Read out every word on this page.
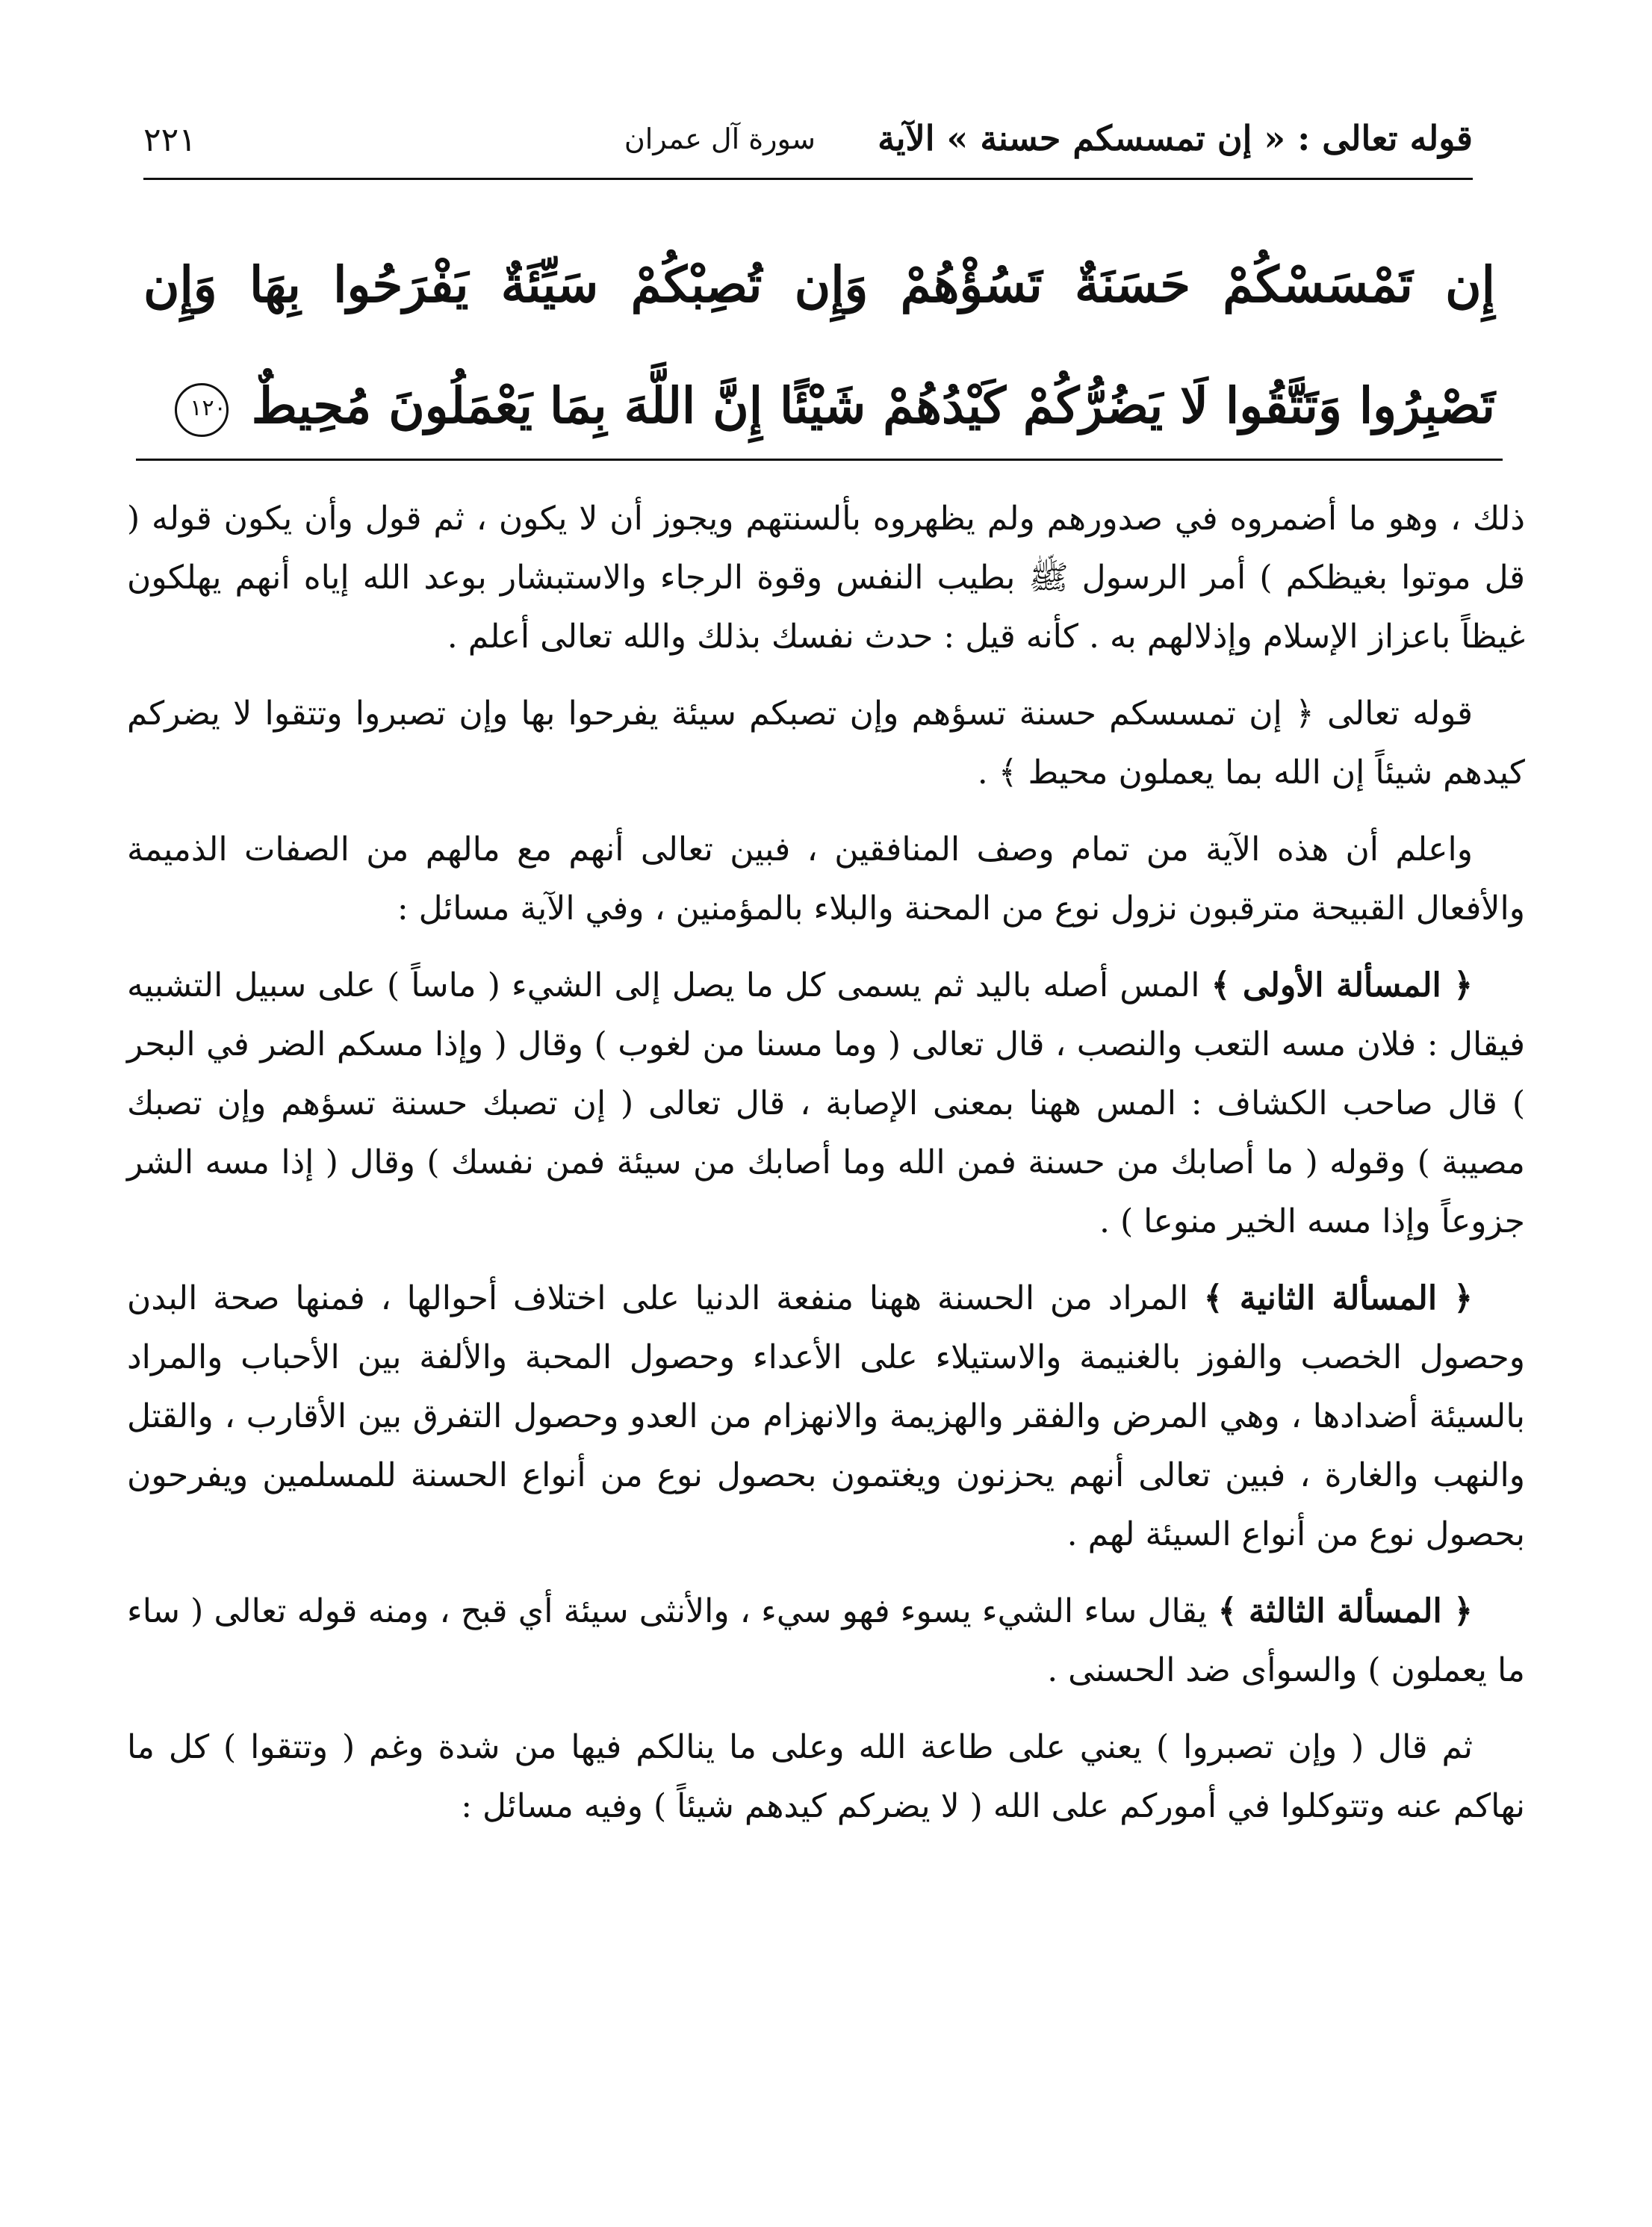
قوله تعالى : « إن تمسسكم حسنة » الآية
سورة آل عمران
٢٢١
إِن تَمْسَسْكُمْ حَسَنَةٌ تَسُؤْهُمْ وَإِن تُصِبْكُمْ سَيِّئَةٌ يَفْرَحُوا بِهَا وَإِن تَصْبِرُوا وَتَتَّقُوا لَا يَضُرُّكُمْ كَيْدُهُمْ شَيْئًا إِنَّ اللَّهَ بِمَا يَعْمَلُونَ مُحِيطٌ ١٢٠

ذلك ، وهو ما أضمروه في صدورهم ولم يظهروه بألسنتهم ويجوز أن لا يكون ، ثم قول وأن يكون قوله ( قل موتوا بغيظكم ) أمر الرسول ﷺ بطيب النفس وقوة الرجاء والاستبشار بوعد الله إياه أنهم يهلكون غيظاً باعزاز الإسلام وإذلالهم به . كأنه قيل : حدث نفسك بذلك والله تعالى أعلم .

قوله تعالى ﴿ إن تمسسكم حسنة تسؤهم وإن تصبكم سيئة يفرحوا بها وإن تصبروا وتتقوا لا يضركم كيدهم شيئاً إن الله بما يعملون محيط ﴾ .

واعلم أن هذه الآية من تمام وصف المنافقين ، فبين تعالى أنهم مع مالهم من الصفات الذميمة والأفعال القبيحة مترقبون نزول نوع من المحنة والبلاء بالمؤمنين ، وفي الآية مسائل :

﴿ المسألة الأولى ﴾ المس أصله باليد ثم يسمى كل ما يصل إلى الشيء ( ماساً ) على سبيل التشبيه فيقال : فلان مسه التعب والنصب ، قال تعالى ( وما مسنا من لغوب ) وقال ( وإذا مسكم الضر في البحر ) قال صاحب الكشاف : المس ههنا بمعنى الإصابة ، قال تعالى ( إن تصبك حسنة تسؤهم وإن تصبك مصيبة ) وقوله ( ما أصابك من حسنة فمن الله وما أصابك من سيئة فمن نفسك ) وقال ( إذا مسه الشر جزوعاً وإذا مسه الخير منوعا ) .

﴿ المسألة الثانية ﴾ المراد من الحسنة ههنا منفعة الدنيا على اختلاف أحوالها ، فمنها صحة البدن وحصول الخصب والفوز بالغنيمة والاستيلاء على الأعداء وحصول المحبة والألفة بين الأحباب والمراد بالسيئة أضدادها ، وهي المرض والفقر والهزيمة والانهزام من العدو وحصول التفرق بين الأقارب ، والقتل والنهب والغارة ، فبين تعالى أنهم يحزنون ويغتمون بحصول نوع من أنواع الحسنة للمسلمين ويفرحون بحصول نوع من أنواع السيئة لهم .

﴿ المسألة الثالثة ﴾ يقال ساء الشيء يسوء فهو سيء ، والأنثى سيئة أي قبح ، ومنه قوله تعالى ( ساء ما يعملون ) والسوأى ضد الحسنى .

ثم قال ( وإن تصبروا ) يعني على طاعة الله وعلى ما ينالكم فيها من شدة وغم ( وتتقوا ) كل ما نهاكم عنه وتتوكلوا في أموركم على الله ( لا يضركم كيدهم شيئاً ) وفيه مسائل :
